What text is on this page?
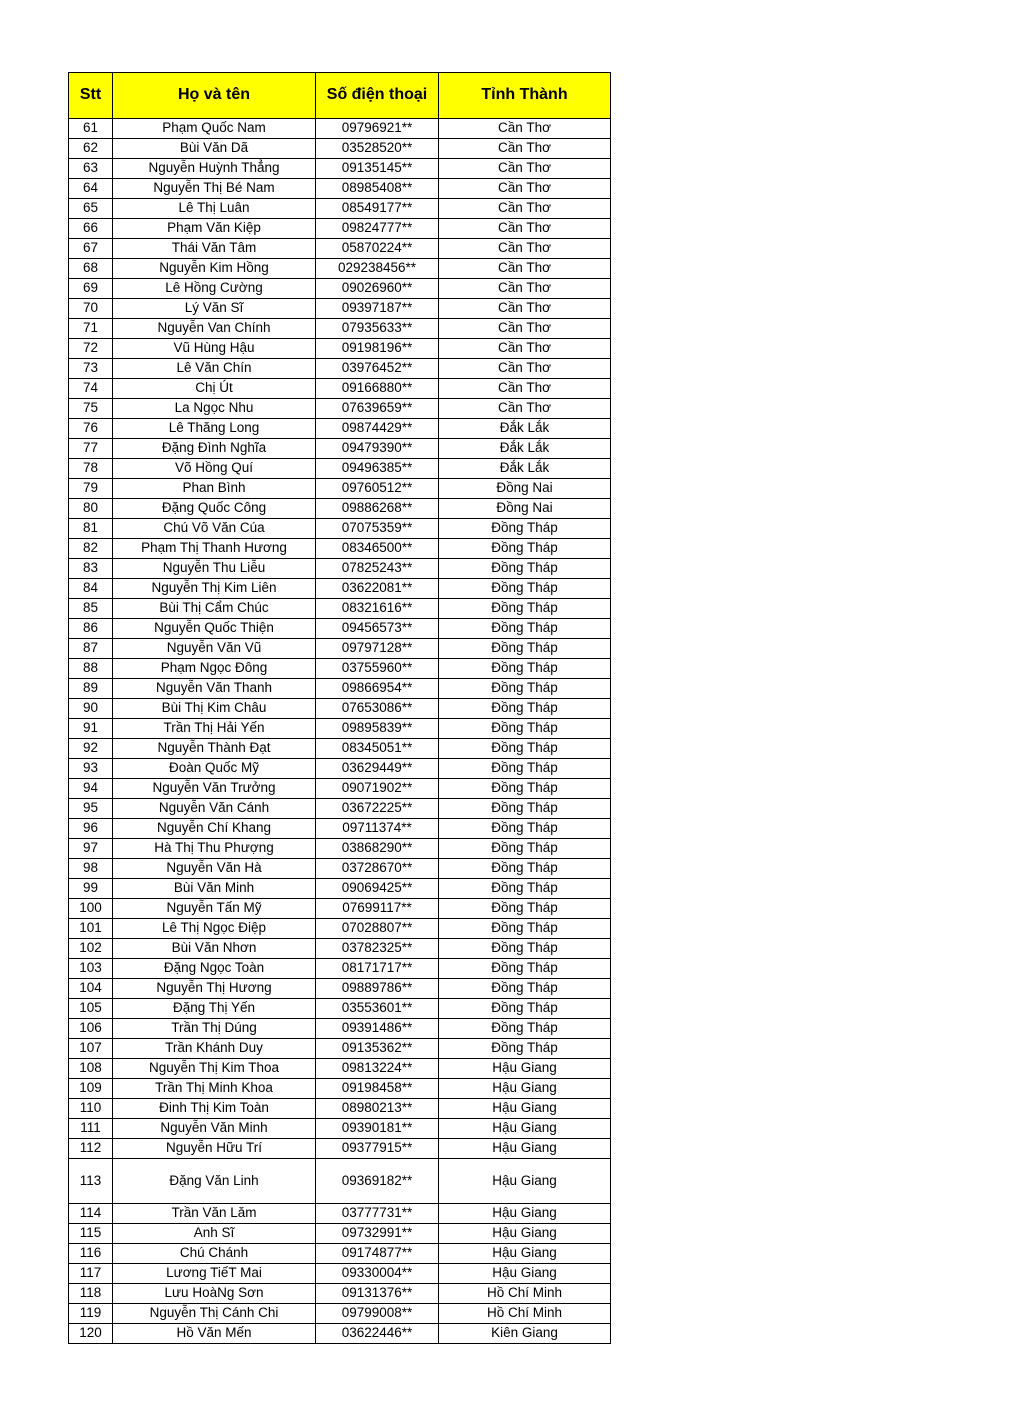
Stt	Họ và tên	Số điện thoại	Tỉnh Thành
61	Phạm Quốc Nam	09796921**	Cần Thơ
62	Bùi Văn Dã	03528520**	Cần Thơ
63	Nguyễn Huỳnh Thẳng	09135145**	Cần Thơ
64	Nguyễn Thị Bé Nam	08985408**	Cần Thơ
65	Lê Thị Luân	08549177**	Cần Thơ
66	Phạm Văn Kiệp	09824777**	Cần Thơ
67	Thái Văn Tâm	05870224**	Cần Thơ
68	Nguyễn Kim Hồng	029238456**	Cần Thơ
69	Lê Hồng Cường	09026960**	Cần Thơ
70	Lý Văn Sĩ	09397187**	Cần Thơ
71	Nguyễn Van Chính	07935633**	Cần Thơ
72	Vũ Hùng Hậu	09198196**	Cần Thơ
73	Lê Văn Chín	03976452**	Cần Thơ
74	Chị Út	09166880**	Cần Thơ
75	La Ngọc Nhu	07639659**	Cần Thơ
76	Lê Thăng Long	09874429**	Đắk Lắk
77	Đặng Đình Nghĩa	09479390**	Đắk Lắk
78	Võ Hồng Quí	09496385**	Đắk Lắk
79	Phan Bình	09760512**	Đồng Nai
80	Đặng Quốc Công	09886268**	Đồng Nai
81	Chú Võ Văn Cúa	07075359**	Đồng Tháp
82	Phạm Thị Thanh Hương	08346500**	Đồng Tháp
83	Nguyễn Thu Liễu	07825243**	Đồng Tháp
84	Nguyễn Thị Kim Liên	03622081**	Đồng Tháp
85	Bùi Thị Cẩm Chúc	08321616**	Đồng Tháp
86	Nguyễn Quốc Thiện	09456573**	Đồng Tháp
87	Nguyễn Văn Vũ	09797128**	Đồng Tháp
88	Phạm Ngọc Đông	03755960**	Đồng Tháp
89	Nguyễn Văn Thanh	09866954**	Đồng Tháp
90	Bùi Thị Kim Châu	07653086**	Đồng Tháp
91	Trần Thị Hải Yến	09895839**	Đồng Tháp
92	Nguyễn Thành Đạt	08345051**	Đồng Tháp
93	Đoàn Quốc Mỹ	03629449**	Đồng Tháp
94	Nguyễn Văn Trưởng	09071902**	Đồng Tháp
95	Nguyễn Văn Cánh	03672225**	Đồng Tháp
96	Nguyễn Chí Khang	09711374**	Đồng Tháp
97	Hà Thị Thu Phượng	03868290**	Đồng Tháp
98	Nguyễn Văn Hà	03728670**	Đồng Tháp
99	Bùi Văn Minh	09069425**	Đồng Tháp
100	Nguyễn Tấn Mỹ	07699117**	Đồng Tháp
101	Lê Thị Ngọc Điệp	07028807**	Đồng Tháp
102	Bùi Văn Nhơn	03782325**	Đồng Tháp
103	Đặng Ngọc Toàn	08171717**	Đồng Tháp
104	Nguyễn Thị Hương	09889786**	Đồng Tháp
105	Đặng Thị Yến	03553601**	Đồng Tháp
106	Trần Thị Dúng	09391486**	Đồng Tháp
107	Trần Khánh Duy	09135362**	Đồng Tháp
108	Nguyễn Thị Kim Thoa	09813224**	Hậu Giang
109	Trần Thị Minh Khoa	09198458**	Hậu Giang
110	Đinh Thị Kim Toàn	08980213**	Hậu Giang
111	Nguyễn Văn Minh	09390181**	Hậu Giang
112	Nguyễn Hữu Trí	09377915**	Hậu Giang
113	Đặng Văn Linh	09369182**	Hậu Giang
114	Trần Văn Lăm	03777731**	Hậu Giang
115	Anh Sĩ	09732991**	Hậu Giang
116	Chú Chánh	09174877**	Hậu Giang
117	Lương TiếT Mai	09330004**	Hậu Giang
118	Lưu HoàNg Sơn	09131376**	Hồ Chí Minh
119	Nguyễn Thị Cánh Chi	09799008**	Hồ Chí Minh
120	Hồ Văn Mến	03622446**	Kiên Giang
